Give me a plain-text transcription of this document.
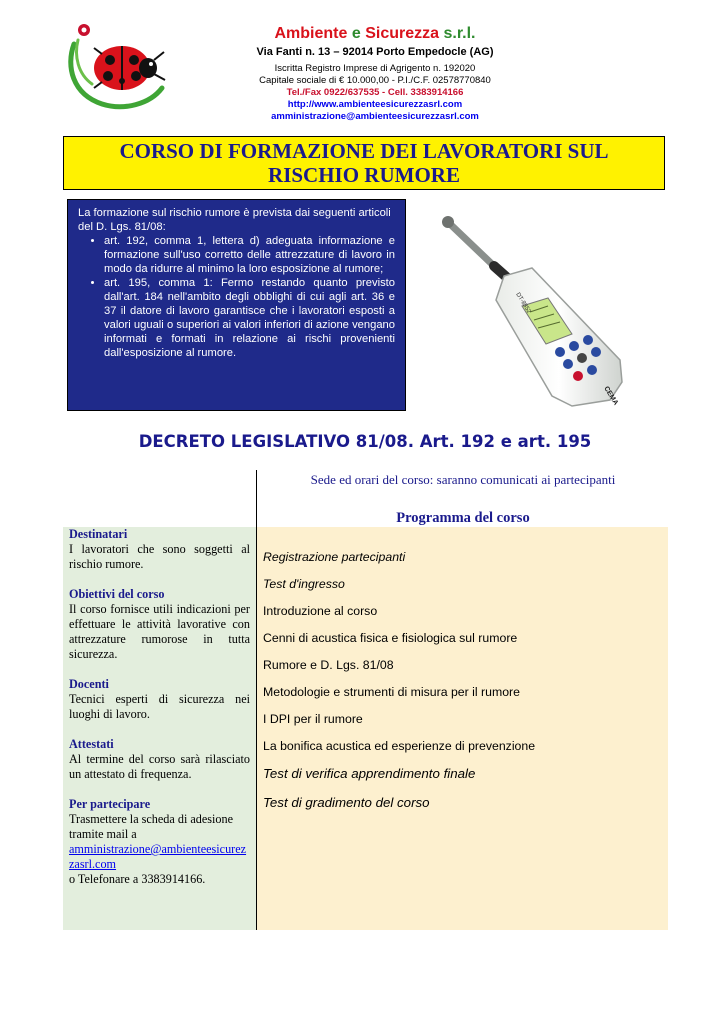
Ambiente e Sicurezza s.r.l.
Via Fanti n. 13 – 92014 Porto Empedocle (AG)
Iscritta Registro Imprese di Agrigento n. 192020
Capitale sociale di € 10.000,00 - P.I./C.F. 02578770840
Tel./Fax 0922/637535 - Cell. 3383914166
http://www.ambienteesicurezzasrl.com
amministrazione@ambienteesicurezzasrl.com
CORSO DI FORMAZIONE DEI LAVORATORI SUL
RISCHIO RUMORE

La formazione sul rischio rumore è prevista dai seguenti articoli del D. Lgs. 81/08:

• art. 192, comma 1, lettera d) adeguata informazione e formazione sull'uso corretto delle attrezzature di lavoro in modo da ridurre al minimo la loro esposizione al rumore;
• art. 195, comma 1: Fermo restando quanto previsto dall'art. 184 nell'ambito degli obblighi di cui agli art. 36 e 37 il datore di lavoro garantisce che i lavoratori esposti a valori uguali o superiori ai valori inferiori di azione vengano informati e formati in relazione ai rischi provenienti dall'esposizione al rumore.
DT-8852
CEMA
DECRETO LEGISLATIVO 81/08. Art. 192 e art. 195
Sede ed orari del corso: saranno comunicati ai partecipanti
Programma del corso
Destinatari
I lavoratori che sono soggetti al rischio rumore.
Obiettivi del corso
Il corso fornisce utili indicazioni per effettuare le attività lavorative con attrezzature rumorose in tutta sicurezza.
Docenti
Tecnici esperti di sicurezza nei luoghi di lavoro.
Attestati
Al termine del corso sarà rilasciato un attestato di frequenza.
Per partecipare
Trasmettere la scheda di adesione tramite mail a
amministrazione@ambienteesicurezzasrl.com
o Telefonare a 3383914166.
Registrazione partecipanti
Test d'ingresso
Introduzione al corso
Cenni di acustica fisica e fisiologica sul rumore
Rumore e D. Lgs. 81/08
Metodologie e strumenti di misura per il rumore
I DPI per il rumore
La bonifica acustica ed esperienze di prevenzione
Test di verifica apprendimento finale
Test di gradimento del corso
